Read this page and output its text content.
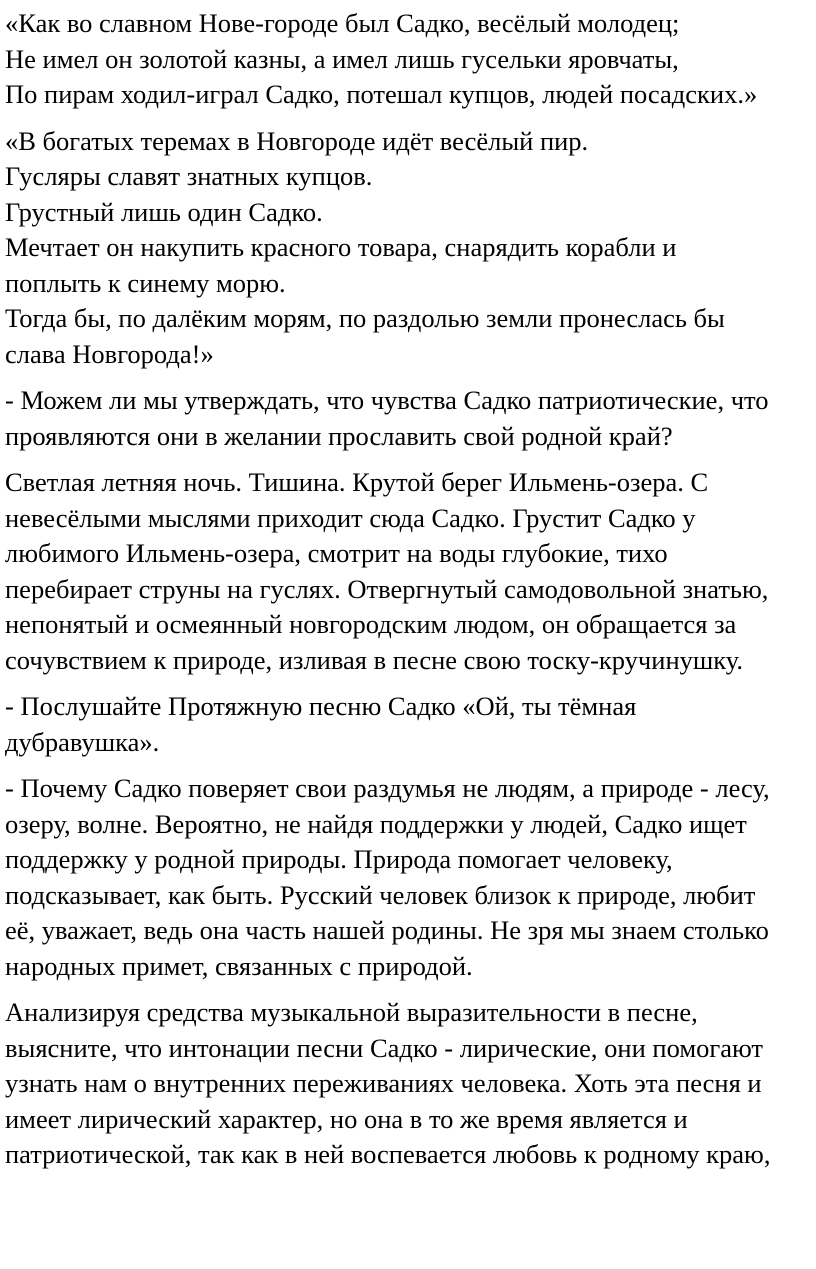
«Как во славном Нове-городе был Садко, весёлый молодец;
Не имел он золотой казны, а имел лишь гусельки яровчаты,
По пирам ходил-играл Садко, потешал купцов, людей посадских.»
«В богатых теремах в Новгороде идёт весёлый пир.
Гусляры славят знатных купцов.
Грустный лишь один Садко.
Мечтает он накупить красного товара, снарядить корабли и
поплыть к синему морю.
Тогда бы, по далёким морям, по раздолью земли пронеслась бы
слава Новгорода!»
- Можем ли мы утверждать, что чувства Садко патриотические, что
проявляются они в желании прославить свой родной край?
Светлая летняя ночь. Тишина. Крутой берег Ильмень-озера. С
невесёлыми мыслями приходит сюда Садко. Грустит Садко у
любимого Ильмень-озера, смотрит на воды глубокие, тихо
перебирает струны на гуслях. Отвергнутый самодовольной знатью,
непонятый и осмеянный новгородским людом, он обращается за
сочувствием к природе, изливая в песне свою тоску-кручинушку.
- Послушайте Протяжную песню Садко «Ой, ты тёмная
дубравушка».
- Почему Садко поверяет свои раздумья не людям, а природе - лесу,
озеру, волне. Вероятно, не найдя поддержки у людей, Садко ищет
поддержку у родной природы. Природа помогает человеку,
подсказывает, как быть. Русский человек близок к природе, любит
её, уважает, ведь она часть нашей родины. Не зря мы знаем столько
народных примет, связанных с природой.
Анализируя средства музыкальной выразительности в песне,
выясните, что интонации песни Садко - лирические, они помогают
узнать нам о внутренних переживаниях человека. Хоть эта песня и
имеет лирический характер, но она в то же время является и
патриотической, так как в ней воспевается любовь к родному краю,
